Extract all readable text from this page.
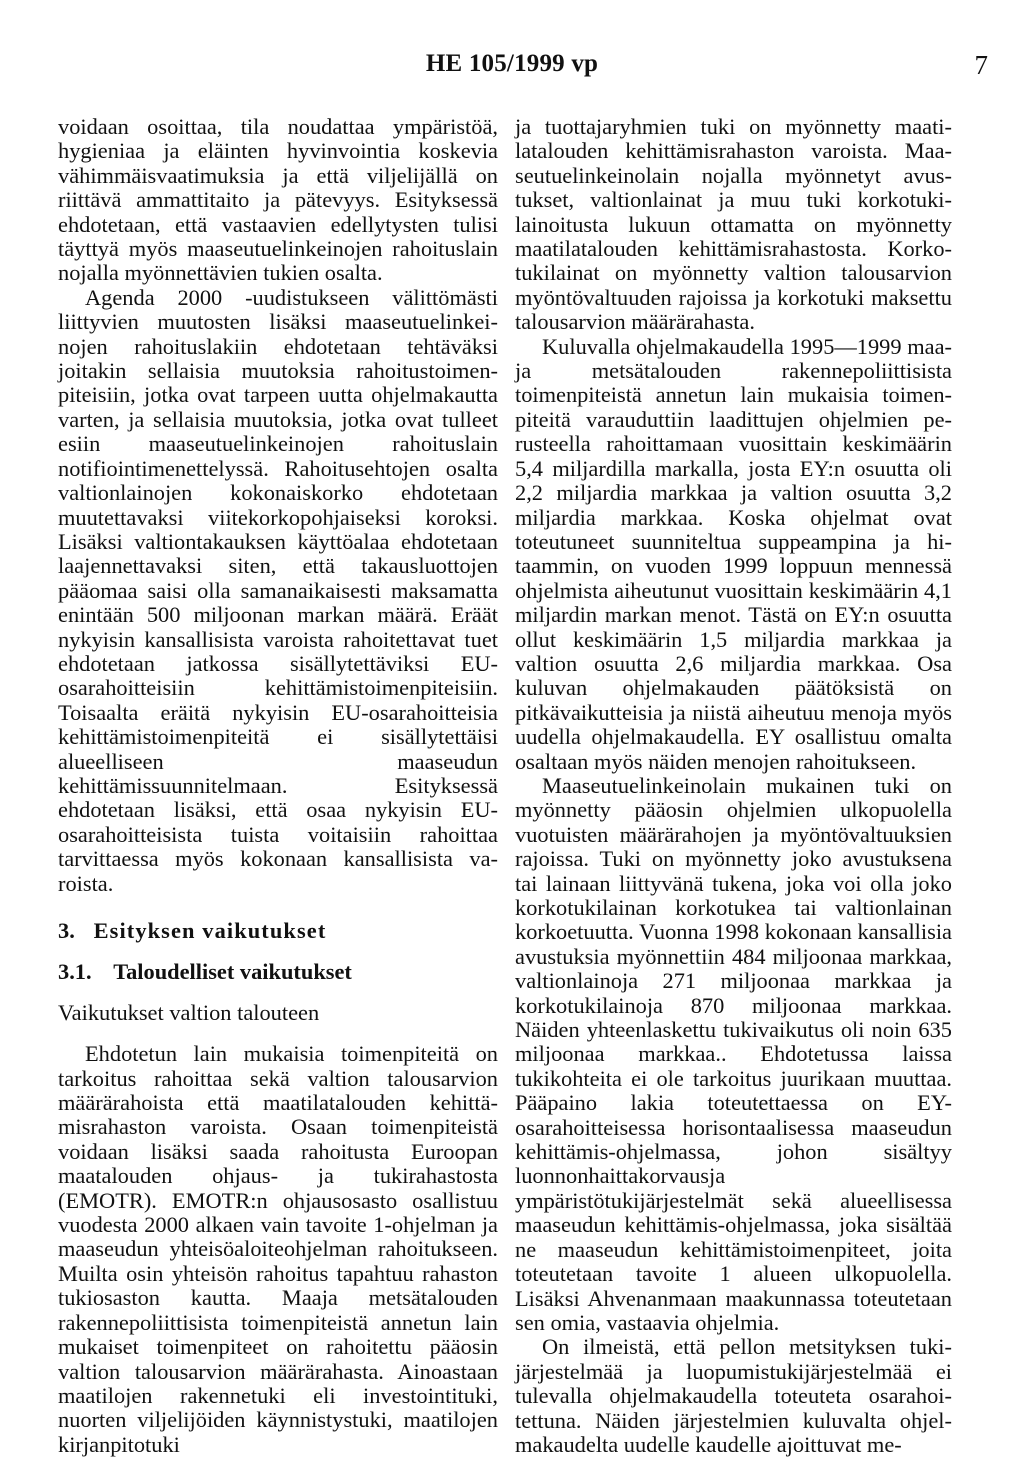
HE 105/1999 vp	7

voidaan osoittaa, tila noudattaa ympäristöä, hygieniaa ja eläinten hyvinvointia koskevia vähimmäisvaatimuksia ja että viljelijällä on riittävä ammattitaito ja pätevyys. Esityksessä ehdotetaan, että vastaavien edellytysten tulisi täyttyä myös maaseutuelinkeinojen rahoituslain nojalla myönnettävien tukien osalta.

Agenda 2000 -uudistukseen välittömästi liittyvien muutosten lisäksi maaseutuelinkeinojen rahoituslakiin ehdotetaan tehtäväksi joitakin sellaisia muutoksia rahoitustoimenpiteisiin, jotka ovat tarpeen uutta ohjelmakautta varten, ja sellaisia muutoksia, jotka ovat tulleet esiin maaseutuelinkeinojen rahoituslain notifiointimenettelyssä. Rahoitusehtojen osalta valtionlainojen kokonaiskorko ehdotetaan muutettavaksi viitekorkopohjaiseksi koroksi. Lisäksi valtiontakauksen käyttöalaa ehdotetaan laajennettavaksi siten, että takausluottojen pääomaa saisi olla samanaikaisesti maksamatta enintään 500 miljoonan markan määrä. Eräät nykyisin kansallisista varoista rahoitettavat tuet ehdotetaan jatkossa sisällytettäviksi EU-osarahoitteisiin kehittämistoimenpiteisiin. Toisaalta eräitä nykyisin EU-osarahoitteisia kehittämistoimenpiteitä ei sisällytettäisi alueelliseen maaseudun kehittämissuunnitelmaan. Esityksessä ehdotetaan lisäksi, että osaa nykyisin EU-osarahoitteisista tuista voitaisiin rahoittaa tarvittaessa myös kokonaan kansallisista varoista.

3. Esityksen vaikutukset
3.1. Taloudelliset vaikutukset
Vaikutukset valtion talouteen

Ehdotetun lain mukaisia toimenpiteitä on tarkoitus rahoittaa sekä valtion talousarvion määrärahoista että maatilatalouden kehittämisrahaston varoista. Osaan toimenpiteistä voidaan lisäksi saada rahoitusta Euroopan maatalouden ohjaus- ja tukirahastosta (EMOTR). EMOTR:n ohjausosasto osallistuu vuodesta 2000 alkaen vain tavoite 1-ohjelman ja maaseudun yhteisöaloiteohjelman rahoitukseen. Muilta osin yhteisön rahoitus tapahtuu rahaston tukiosaston kautta. Maaja metsätalouden rakennepoliittisista toimenpiteistä annetun lain mukaiset toimenpiteet on rahoitettu pääosin valtion talousarvion määrärahasta. Ainoastaan maatilojen rakennetuki eli investointituki, nuorten viljelijöiden käynnistystuki, maatilojen kirjanpitotuki

ja tuottajaryhmien tuki on myönnetty maatilatalouden kehittämisrahaston varoista. Maaseutuelinkeinolain nojalla myönnetyt avustukset, valtionlainat ja muu tuki korkotukilainoitusta lukuun ottamatta on myönnetty maatilatalouden kehittämisrahastosta. Korkotukilainat on myönnetty valtion talousarvion myöntövaltuuden rajoissa ja korkotuki maksettu talousarvion määrärahasta.

Kuluvalla ohjelmakaudella 1995—1999 maa- ja metsätalouden rakennepoliittisista toimenpiteistä annetun lain mukaisia toimenpiteitä varauduttiin laadittujen ohjelmien perusteella rahoittamaan vuosittain keskimäärin 5,4 miljardilla markalla, josta EY:n osuutta oli 2,2 miljardia markkaa ja valtion osuutta 3,2 miljardia markkaa. Koska ohjelmat ovat toteutuneet suunniteltua suppeampina ja hitaammin, on vuoden 1999 loppuun mennessä ohjelmista aiheutunut vuosittain keskimäärin 4,1 miljardin markan menot. Tästä on EY:n osuutta ollut keskimäärin 1,5 miljardia markkaa ja valtion osuutta 2,6 miljardia markkaa. Osa kuluvan ohjelmakauden päätöksistä on pitkävaikutteisia ja niistä aiheutuu menoja myös uudella ohjelmakaudella. EY osallistuu omalta osaltaan myös näiden menojen rahoitukseen.

Maaseutuelinkeinolain mukainen tuki on myönnetty pääosin ohjelmien ulkopuolella vuotuisten määrärahojen ja myöntövaltuuksien rajoissa. Tuki on myönnetty joko avustuksena tai lainaan liittyvänä tukena, joka voi olla joko korkotukilainan korkotukea tai valtionlainan korkoetuutta. Vuonna 1998 kokonaan kansallisia avustuksia myönnettiin 484 miljoonaa markkaa, valtionlainoja 271 miljoonaa markkaa ja korkotukilainoja 870 miljoonaa markkaa. Näiden yhteenlaskettu tukivaikutus oli noin 635 miljoonaa markkaa.. Ehdotetussa laissa tukikohteita ei ole tarkoitus juurikaan muuttaa. Pääpaino lakia toteutettaessa on EY-osarahoitteisessa horisontaalisessa maaseudun kehittämis-ohjelmassa, johon sisältyy luonnonhaittakorvausja ympäristötukijärjestelmät sekä alueellisessa maaseudun kehittämis-ohjelmassa, joka sisältää ne maaseudun kehittämistoimenpiteet, joita toteutetaan tavoite 1 alueen ulkopuolella. Lisäksi Ahvenanmaan maakunnassa toteutetaan sen omia, vastaavia ohjelmia.

On ilmeistä, että pellon metsityksen tukijärjestelmää ja luopumistukijärjestelmää ei tulevalla ohjelmakaudella toteuteta osarahoitettuna. Näiden järjestelmien kuluvalta ohjelmakaudelta uudelle kaudelle ajoittuvat me-
